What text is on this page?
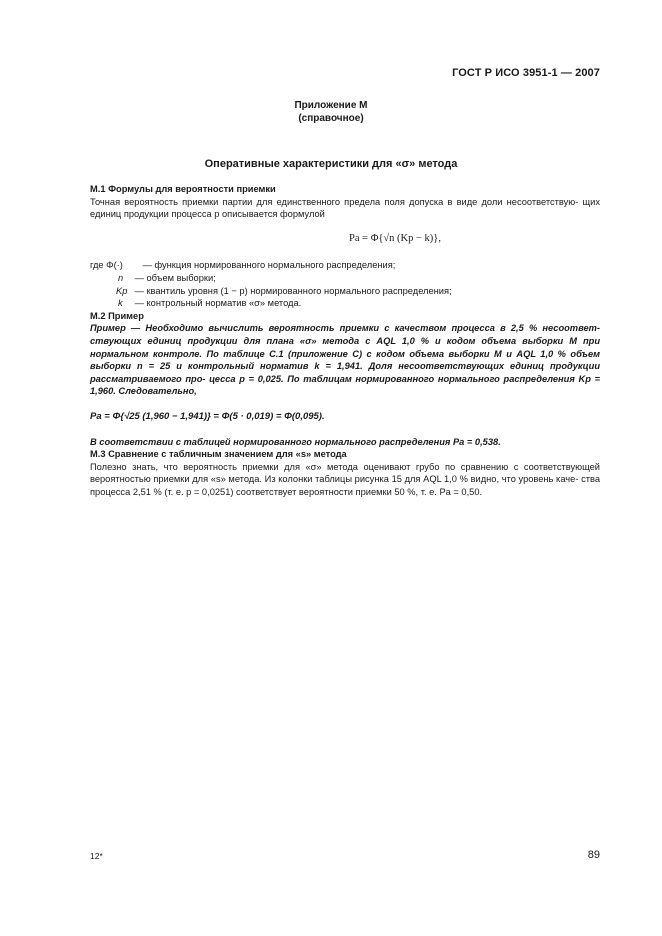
ГОСТ Р ИСО 3951-1 — 2007
Приложение М
(справочное)
Оперативные характеристики для «σ» метода
М.1 Формулы для вероятности приемки
Точная вероятность приемки партии для единственного предела поля допуска в виде доли несоответствую- щих единиц продукции процесса p описывается формулой
Pa = Φ{√n (Kp − k)},
где Φ(·)
	— функция нормированного нормального распределения;
n
	— объем выборки;
Kp
— квантиль уровня (1 − p) нормированного нормального распределения;
k
	— контрольный норматив «σ» метода.
М.2 Пример
Пример — Необходимо вычислить вероятность приемки с качеством процесса в 2,5 % несоответ- ствующих единиц продукции для плана «σ» метода с AQL 1,0 % и кодом объема выборки М при нормальном контроле. По таблице С.1 (приложение С) с кодом объема выборки М и AQL 1,0 % объем выборки n = 25 и контрольный норматив k = 1,941. Доля несоответствующих единиц продукции рассматриваемого про- цесса p = 0,025. По таблицам нормированного нормального распределения Kp = 1,960. Следовательно,
Pa = Φ{√25 (1,960 − 1,941)} = Φ(5 · 0,019) = Φ(0,095).
В соответствии с таблицей нормированного нормального распределения Pa = 0,538.
М.3 Сравнение с табличным значением для «s» метода
Полезно знать, что вероятность приемки для «σ» метода оценивают грубо по сравнению с соответствующей вероятностью приемки для «s» метода. Из колонки таблицы рисунка 15 для AQL 1,0 % видно, что уровень каче- ства процесса 2,51 % (т. е. p = 0,0251) соответствует вероятности приемки 50 %, т. е. Pa = 0,50.
12*	89
